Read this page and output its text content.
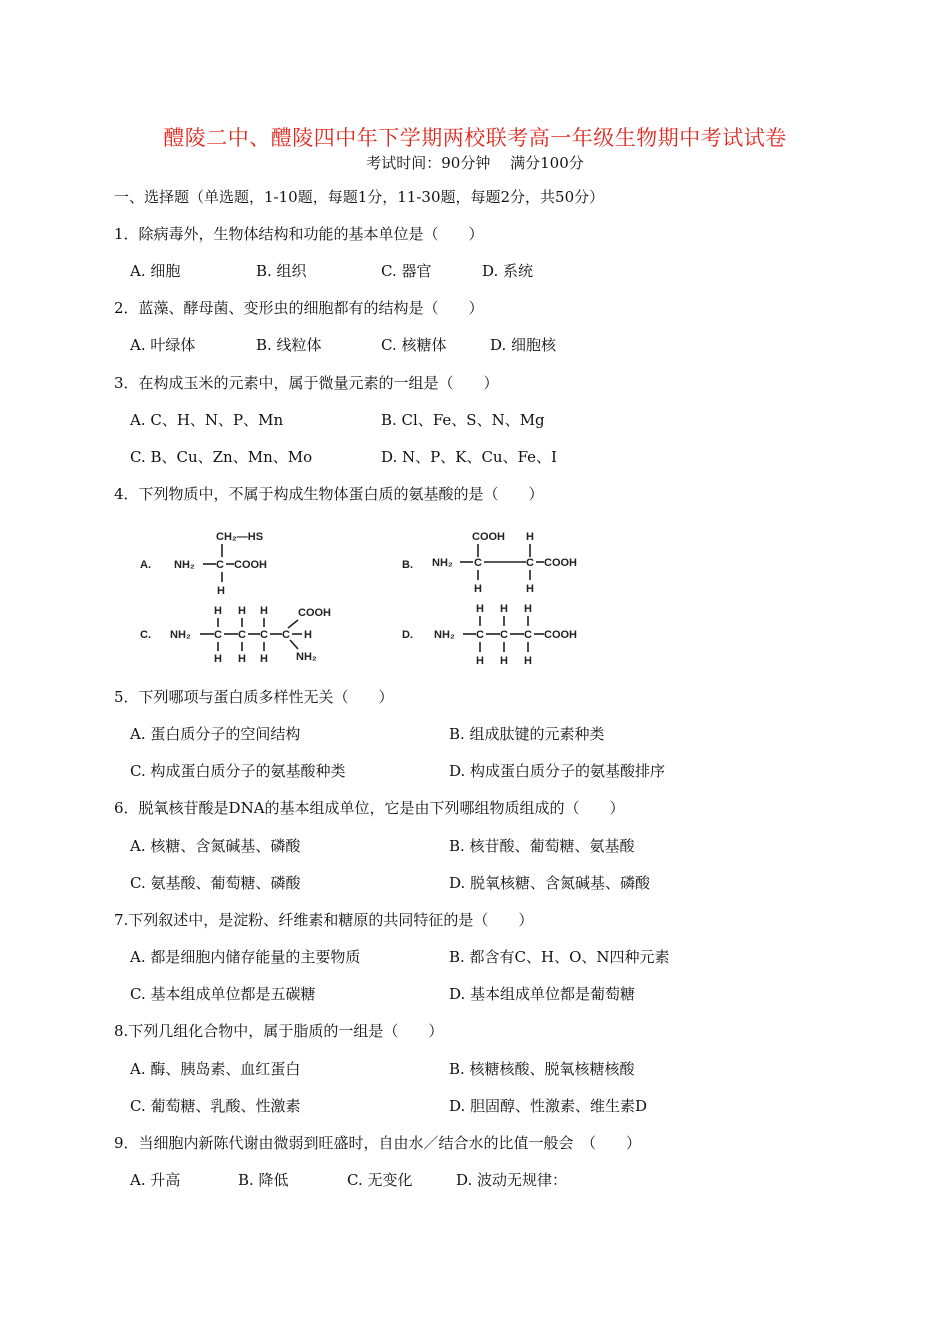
醴陵二中、醴陵四中年下学期两校联考高一年级生物期中考试试卷
考试时间：90分钟　 满分100分
一、选择题（单选题，1-10题，每题1分，11-30题，每题2分，共50分）
1．除病毒外，生物体结构和功能的基本单位是（　　）
A. 细胞	B. 组织	C. 器官	D. 系统
2．蓝藻、酵母菌、变形虫的细胞都有的结构是（　　）
A. 叶绿体	B. 线粒体	C. 核糖体	D. 细胞核
3．在构成玉米的元素中，属于微量元素的一组是（　　）
A. C、H、N、P、Mn	B. Cl、Fe、S、N、Mg
C. B、Cu、Zn、Mn、Mo	D. N、P、K、Cu、Fe、I
4．下列物质中，不属于构成生物体蛋白质的氨基酸的是（　　）
A.
CH₂—HS
NH₂ C COOH
H
B.
COOH H
NH₂ C	C COOH
H	H
C.
H H H	COOH
NH₂ C C C C H
H H H	NH₂
D.
H H H
NH₂ C C C COOH
H H H
5．下列哪项与蛋白质多样性无关（　　）
A. 蛋白质分子的空间结构	B. 组成肽键的元素种类
C. 构成蛋白质分子的氨基酸种类	D. 构成蛋白质分子的氨基酸排序
6．脱氧核苷酸是DNA的基本组成单位，它是由下列哪组物质组成的（　　）
A. 核糖、含氮碱基、磷酸	B. 核苷酸、葡萄糖、氨基酸
C. 氨基酸、葡萄糖、磷酸	D. 脱氧核糖、含氮碱基、磷酸
7.下列叙述中，是淀粉、纤维素和糖原的共同特征的是（　　）
A. 都是细胞内储存能量的主要物质	B. 都含有C、H、O、N四种元素
C. 基本组成单位都是五碳糖	D. 基本组成单位都是葡萄糖
8.下列几组化合物中，属于脂质的一组是（　　）
A. 酶、胰岛素、血红蛋白	B. 核糖核酸、脱氧核糖核酸
C. 葡萄糖、乳酸、性激素	D. 胆固醇、性激素、维生素D
9．当细胞内新陈代谢由微弱到旺盛时，自由水／结合水的比值一般会　（　　）
A. 升高	B. 降低	C. 无变化	D. 波动无规律：
